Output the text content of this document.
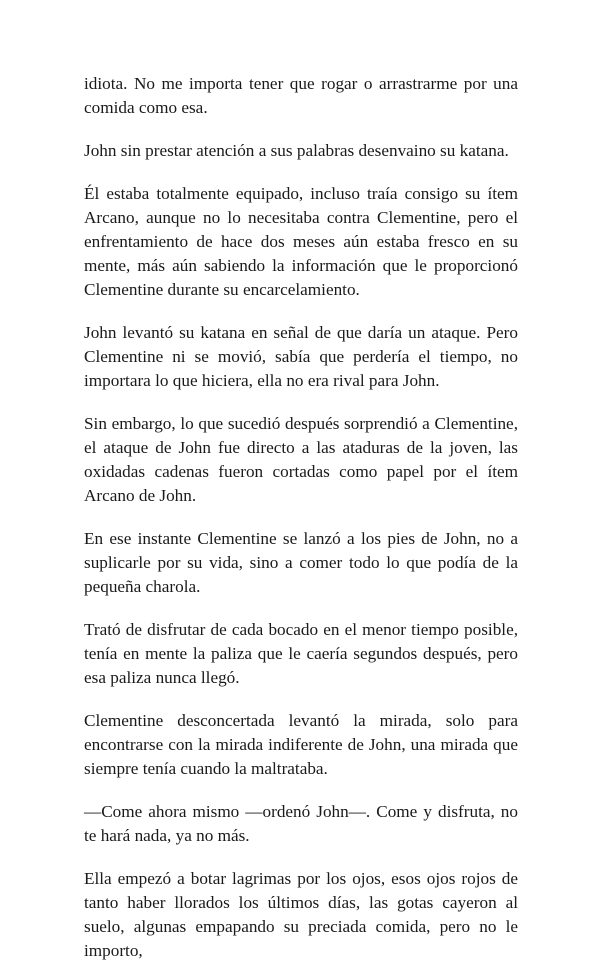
idiota. No me importa tener que rogar o arrastrarme por una comida como esa.

John sin prestar atención a sus palabras desenvaino su katana.

Él estaba totalmente equipado, incluso traía consigo su ítem Arcano, aunque no lo necesitaba contra Clementine, pero el enfrentamiento de hace dos meses aún estaba fresco en su mente, más aún sabiendo la información que le proporcionó Clementine durante su encarcelamiento.

John levantó su katana en señal de que daría un ataque. Pero Clementine ni se movió, sabía que perdería el tiempo, no importara lo que hiciera, ella no era rival para John.

Sin embargo, lo que sucedió después sorprendió a Clementine, el ataque de John fue directo a las ataduras de la joven, las oxidadas cadenas fueron cortadas como papel por el ítem Arcano de John.

En ese instante Clementine se lanzó a los pies de John, no a suplicarle por su vida, sino a comer todo lo que podía de la pequeña charola.

Trató de disfrutar de cada bocado en el menor tiempo posible, tenía en mente la paliza que le caería segundos después, pero esa paliza nunca llegó.

Clementine desconcertada levantó la mirada, solo para encontrarse con la mirada indiferente de John, una mirada que siempre tenía cuando la maltrataba.

—Come ahora mismo —ordenó John—. Come y disfruta, no te hará nada, ya no más.

Ella empezó a botar lagrimas por los ojos, esos ojos rojos de tanto haber llorados los últimos días, las gotas cayeron al suelo, algunas empapando su preciada comida, pero no le importo,
